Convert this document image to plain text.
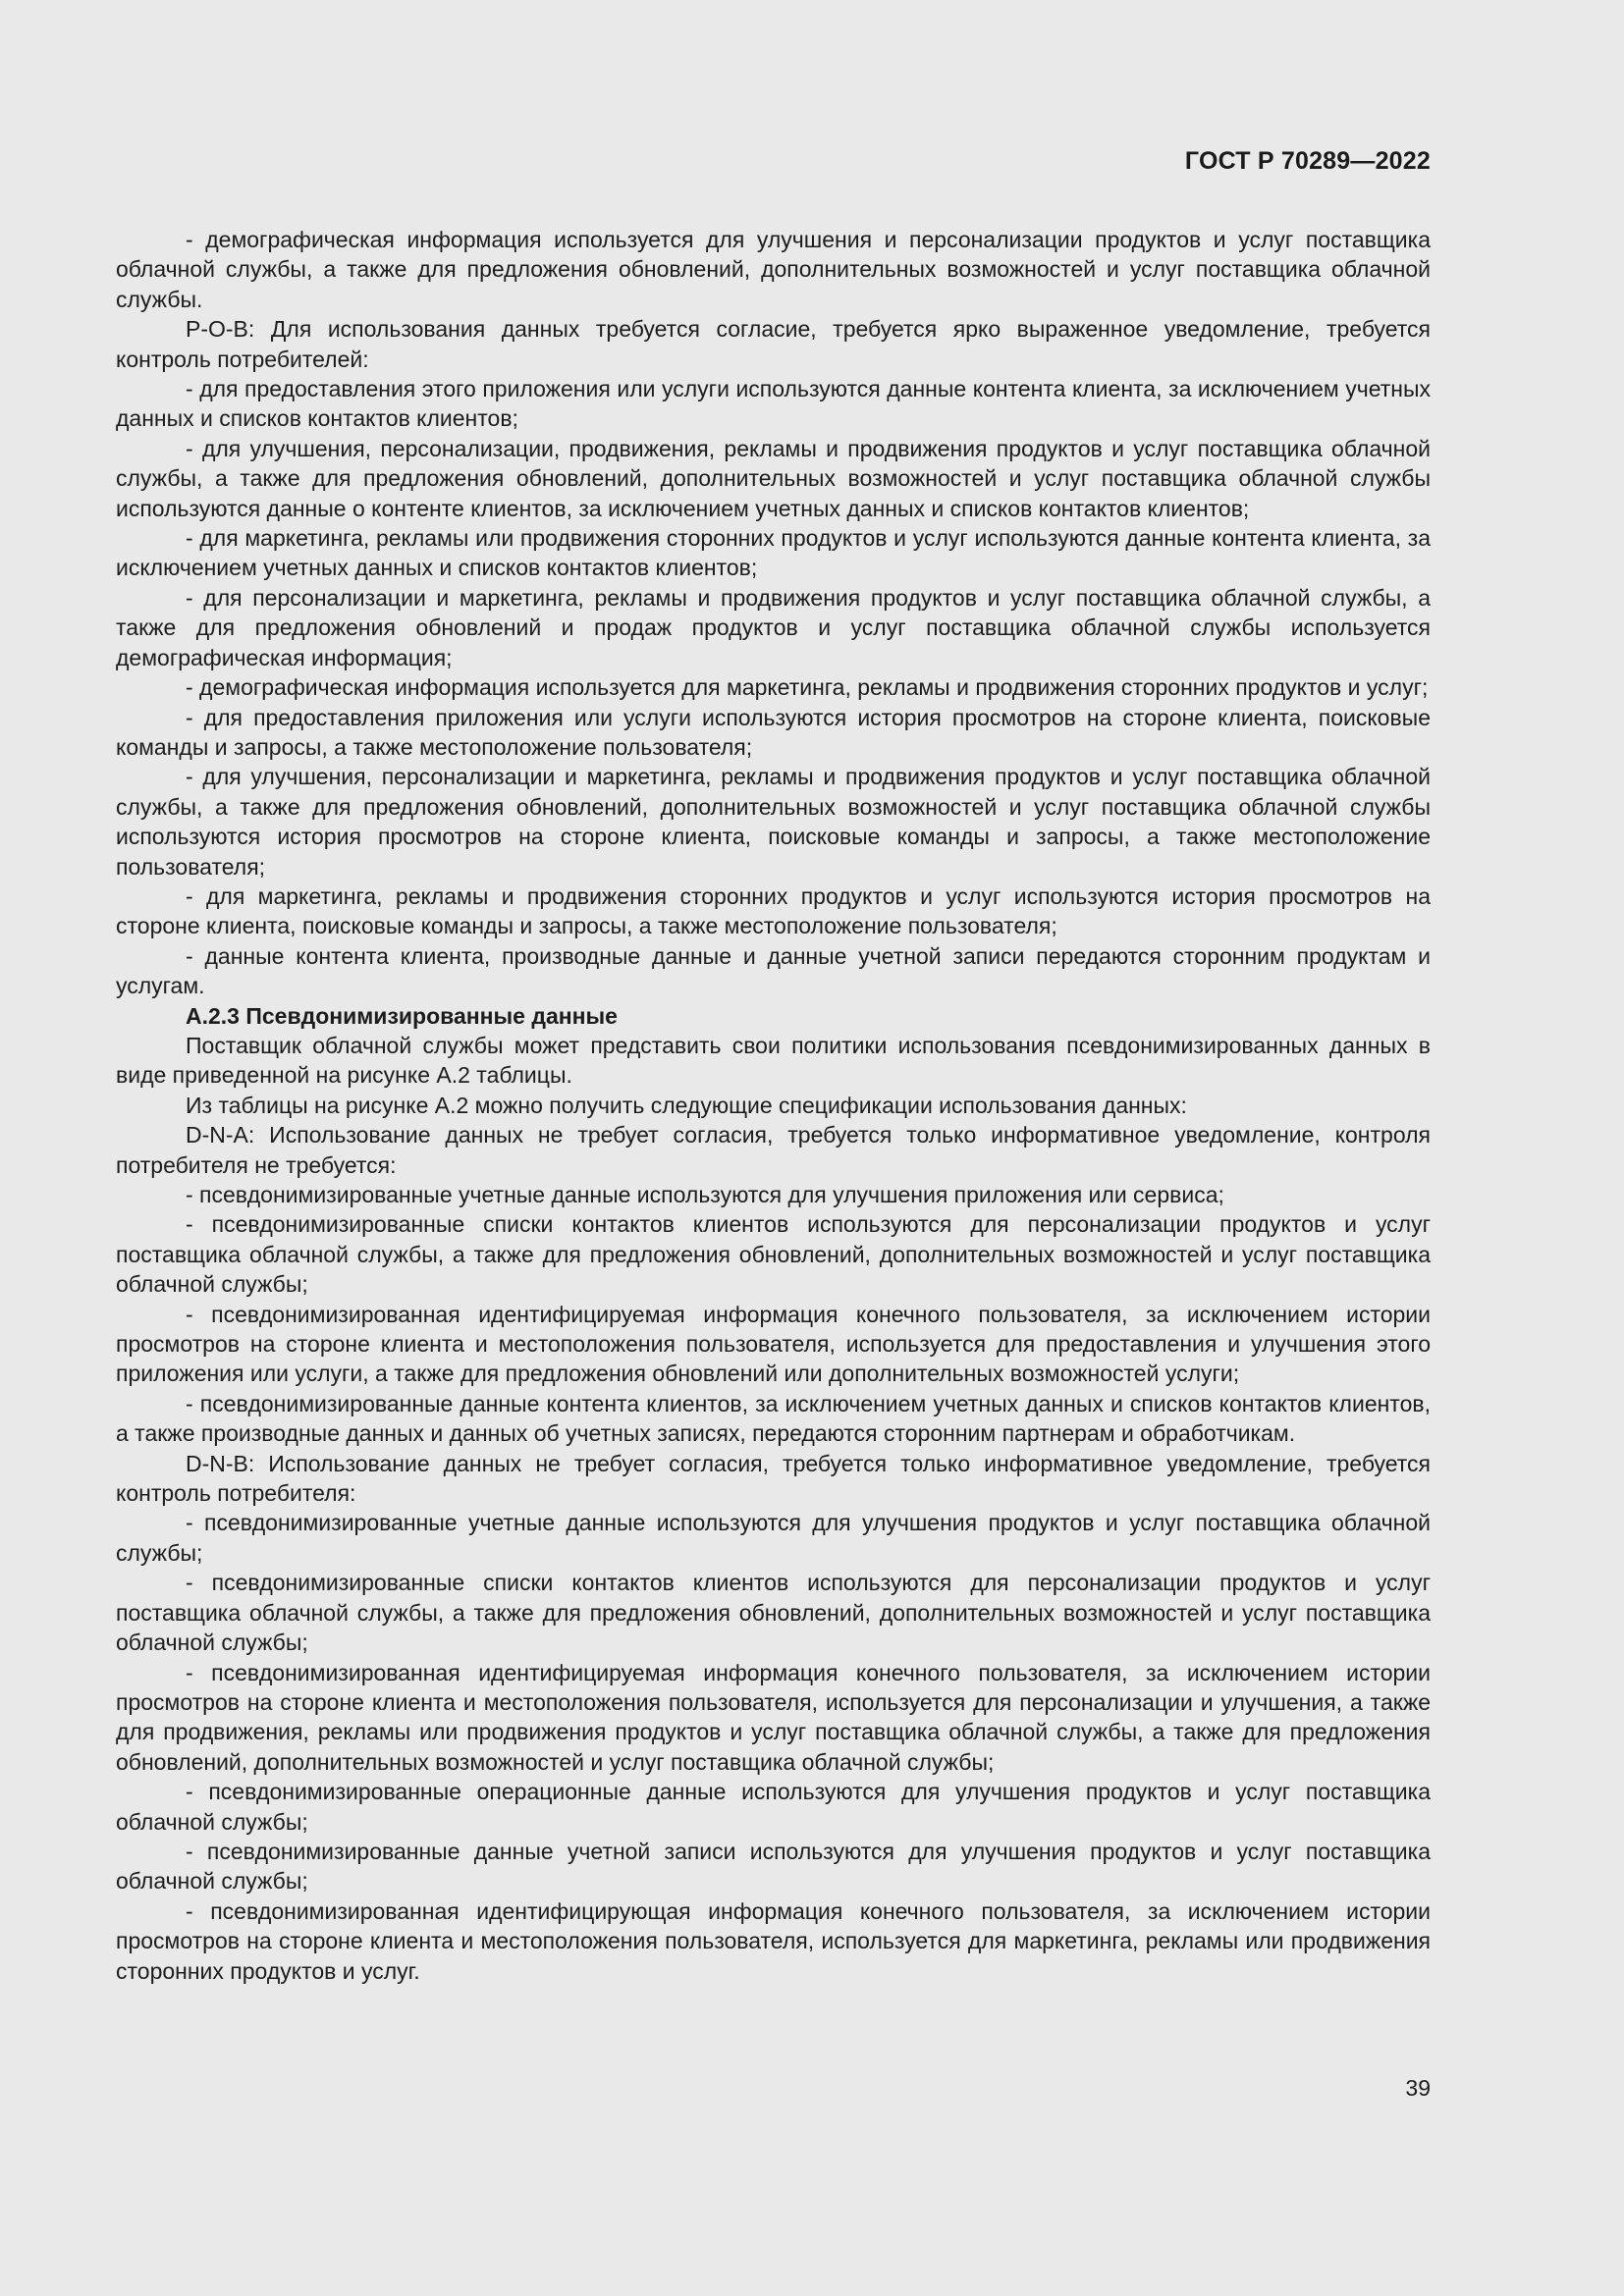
ГОСТ Р 70289—2022

- демографическая информация используется для улучшения и персонализации продуктов и услуг поставщика облачной службы, а также для предложения обновлений, дополнительных возможностей и услуг поставщика облачной службы.

P-O-B: Для использования данных требуется согласие, требуется ярко выраженное уведомление, требуется контроль потребителей:

- для предоставления этого приложения или услуги используются данные контента клиента, за исключением учетных данных и списков контактов клиентов;

- для улучшения, персонализации, продвижения, рекламы и продвижения продуктов и услуг поставщика облачной службы, а также для предложения обновлений, дополнительных возможностей и услуг поставщика облачной службы используются данные о контенте клиентов, за исключением учетных данных и списков контактов клиентов;

- для маркетинга, рекламы или продвижения сторонних продуктов и услуг используются данные контента клиента, за исключением учетных данных и списков контактов клиентов;

- для персонализации и маркетинга, рекламы и продвижения продуктов и услуг поставщика облачной службы, а также для предложения обновлений и продаж продуктов и услуг поставщика облачной службы используется демографическая информация;

- демографическая информация используется для маркетинга, рекламы и продвижения сторонних продуктов и услуг;

- для предоставления приложения или услуги используются история просмотров на стороне клиента, поисковые команды и запросы, а также местоположение пользователя;

- для улучшения, персонализации и маркетинга, рекламы и продвижения продуктов и услуг поставщика облачной службы, а также для предложения обновлений, дополнительных возможностей и услуг поставщика облачной службы используются история просмотров на стороне клиента, поисковые команды и запросы, а также местоположение пользователя;

- для маркетинга, рекламы и продвижения сторонних продуктов и услуг используются история просмотров на стороне клиента, поисковые команды и запросы, а также местоположение пользователя;

- данные контента клиента, производные данные и данные учетной записи передаются сторонним продуктам и услугам.

А.2.3 Псевдонимизированные данные

Поставщик облачной службы может представить свои политики использования псевдонимизированных данных в виде приведенной на рисунке А.2 таблицы.

Из таблицы на рисунке А.2 можно получить следующие спецификации использования данных:

D-N-A: Использование данных не требует согласия, требуется только информативное уведомление, контроля потребителя не требуется:

- псевдонимизированные учетные данные используются для улучшения приложения или сервиса;

- псевдонимизированные списки контактов клиентов используются для персонализации продуктов и услуг поставщика облачной службы, а также для предложения обновлений, дополнительных возможностей и услуг поставщика облачной службы;

- псевдонимизированная идентифицируемая информация конечного пользователя, за исключением истории просмотров на стороне клиента и местоположения пользователя, используется для предоставления и улучшения этого приложения или услуги, а также для предложения обновлений или дополнительных возможностей услуги;

- псевдонимизированные данные контента клиентов, за исключением учетных данных и списков контактов клиентов, а также производные данных и данных об учетных записях, передаются сторонним партнерам и обработчикам.

D-N-B: Использование данных не требует согласия, требуется только информативное уведомление, требуется контроль потребителя:

- псевдонимизированные учетные данные используются для улучшения продуктов и услуг поставщика облачной службы;

- псевдонимизированные списки контактов клиентов используются для персонализации продуктов и услуг поставщика облачной службы, а также для предложения обновлений, дополнительных возможностей и услуг поставщика облачной службы;

- псевдонимизированная идентифицируемая информация конечного пользователя, за исключением истории просмотров на стороне клиента и местоположения пользователя, используется для персонализации и улучшения, а также для продвижения, рекламы или продвижения продуктов и услуг поставщика облачной службы, а также для предложения обновлений, дополнительных возможностей и услуг поставщика облачной службы;

- псевдонимизированные операционные данные используются для улучшения продуктов и услуг поставщика облачной службы;

- псевдонимизированные данные учетной записи используются для улучшения продуктов и услуг поставщика облачной службы;

- псевдонимизированная идентифицирующая информация конечного пользователя, за исключением истории просмотров на стороне клиента и местоположения пользователя, используется для маркетинга, рекламы или продвижения сторонних продуктов и услуг.

39
